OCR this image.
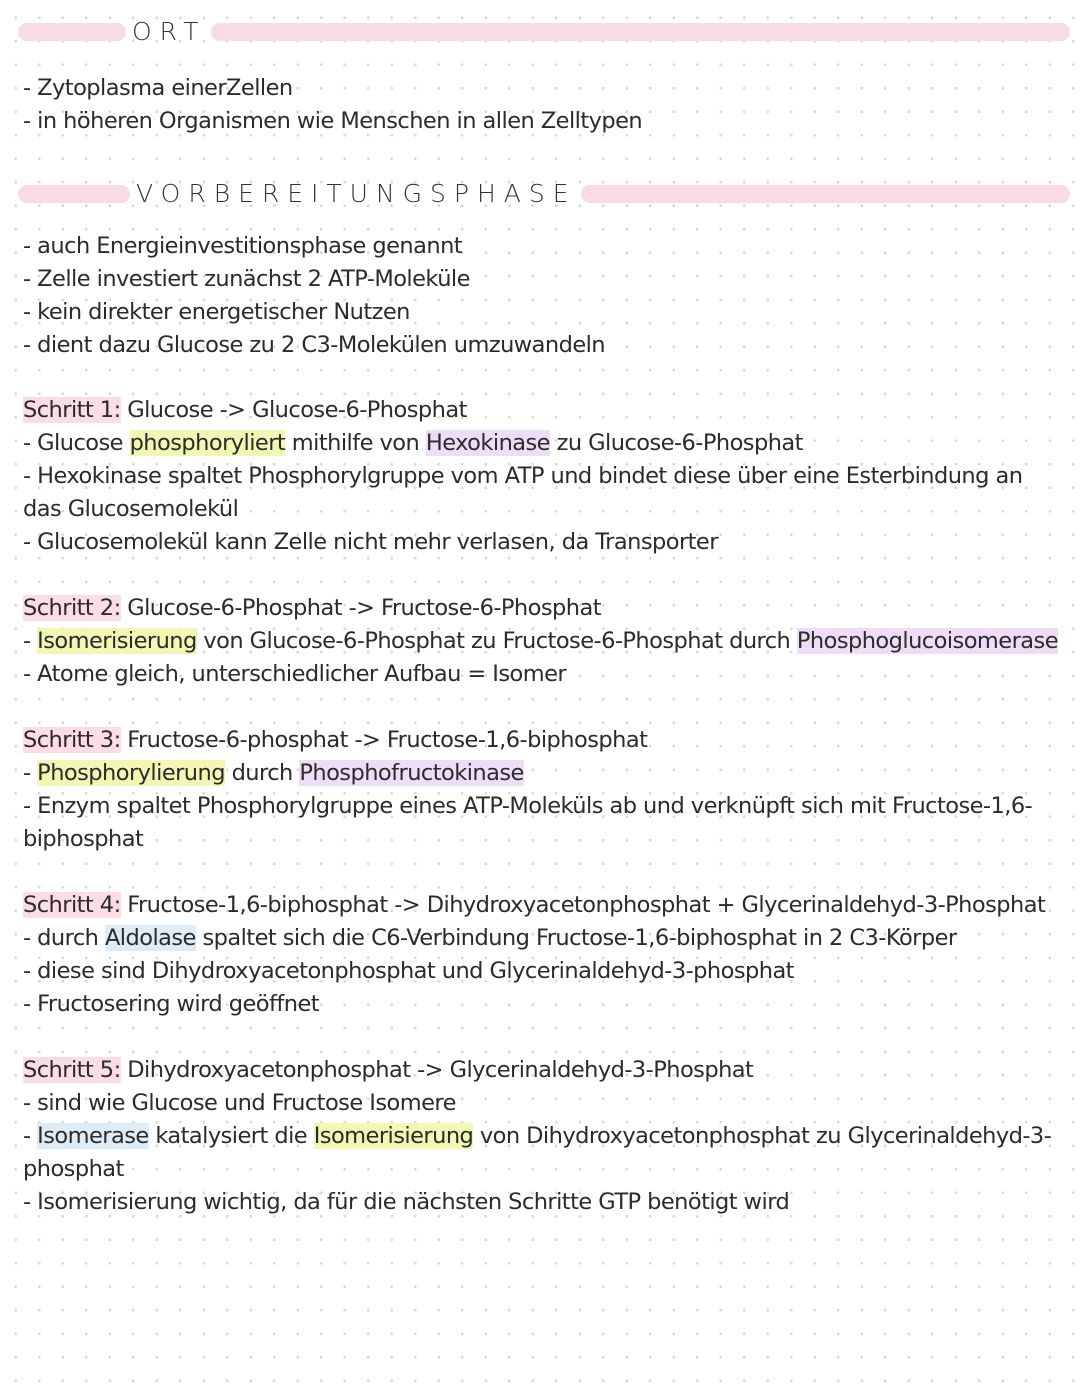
ORT
- Zytoplasma einerZellen
- in höheren Organismen wie Menschen in allen Zelltypen
VORBEREITUNGSPHASE
- auch Energieinvestitionsphase genannt
- Zelle investiert zunächst 2 ATP-Moleküle
- kein direkter energetischer Nutzen
- dient dazu Glucose zu 2 C3-Molekülen umzuwandeln
Schritt 1: Glucose -> Glucose-6-Phosphat
- Glucose phosphoryliert mithilfe von Hexokinase zu Glucose-6-Phosphat
- Hexokinase spaltet Phosphorylgruppe vom ATP und bindet diese über eine Esterbindung an
das Glucosemolekül
- Glucosemolekül kann Zelle nicht mehr verlasen, da Transporter
Schritt 2: Glucose-6-Phosphat -> Fructose-6-Phosphat
- Isomerisierung von Glucose-6-Phosphat zu Fructose-6-Phosphat durch Phosphoglucoisomerase
- Atome gleich, unterschiedlicher Aufbau = Isomer
Schritt 3: Fructose-6-phosphat -> Fructose-1,6-biphosphat
- Phosphorylierung durch Phosphofructokinase
- Enzym spaltet Phosphorylgruppe eines ATP-Moleküls ab und verknüpft sich mit Fructose-1,6-
biphosphat
Schritt 4: Fructose-1,6-biphosphat -> Dihydroxyacetonphosphat + Glycerinaldehyd-3-Phosphat
- durch Aldolase spaltet sich die C6-Verbindung Fructose-1,6-biphosphat in 2 C3-Körper
- diese sind Dihydroxyacetonphosphat und Glycerinaldehyd-3-phosphat
- Fructosering wird geöffnet
Schritt 5: Dihydroxyacetonphosphat -> Glycerinaldehyd-3-Phosphat
- sind wie Glucose und Fructose Isomere
- Isomerase katalysiert die Isomerisierung von Dihydroxyacetonphosphat zu Glycerinaldehyd-3-
phosphat
- Isomerisierung wichtig, da für die nächsten Schritte GTP benötigt wird
